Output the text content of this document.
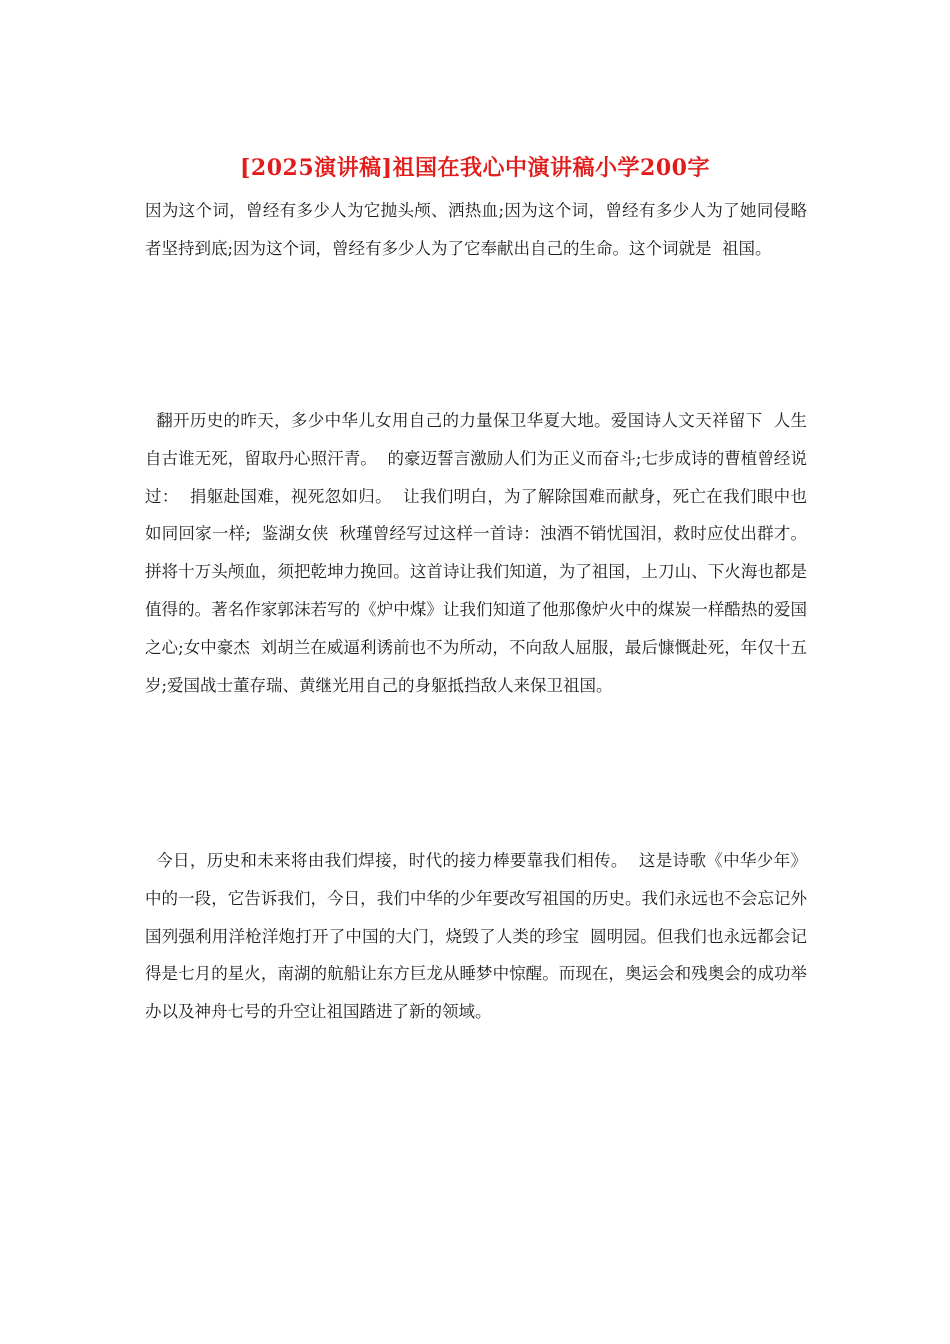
[2025演讲稿]祖国在我心中演讲稿小学200字

因为这个词，曾经有多少人为它抛头颅、洒热血;因为这个词，曾经有多少人为了她同侵略者坚持到底;因为这个词，曾经有多少人为了它奉献出自己的生命。这个词就是  祖国。

翻开历史的昨天，多少中华儿女用自己的力量保卫华夏大地。爱国诗人文天祥留下  人生自古谁无死，留取丹心照汗青。  的豪迈誓言激励人们为正义而奋斗;七步成诗的曹植曾经说过：  捐躯赴国难，视死忽如归。  让我们明白，为了解除国难而献身，死亡在我们眼中也如同回家一样;  鉴湖女侠  秋瑾曾经写过这样一首诗：浊酒不销忧国泪，救时应仗出群才。拼将十万头颅血，须把乾坤力挽回。这首诗让我们知道，为了祖国，上刀山、下火海也都是值得的。著名作家郭沫若写的《炉中煤》让我们知道了他那像炉火中的煤炭一样酷热的爱国之心;女中豪杰  刘胡兰在威逼利诱前也不为所动，不向敌人屈服，最后慷慨赴死，年仅十五岁;爱国战士董存瑞、黄继光用自己的身躯抵挡敌人来保卫祖国。

今日，历史和未来将由我们焊接，时代的接力棒要靠我们相传。  这是诗歌《中华少年》中的一段，它告诉我们，今日，我们中华的少年要改写祖国的历史。我们永远也不会忘记外国列强利用洋枪洋炮打开了中国的大门，烧毁了人类的珍宝  圆明园。但我们也永远都会记得是七月的星火，南湖的航船让东方巨龙从睡梦中惊醒。而现在，奥运会和残奥会的成功举办以及神舟七号的升空让祖国踏进了新的领域。
